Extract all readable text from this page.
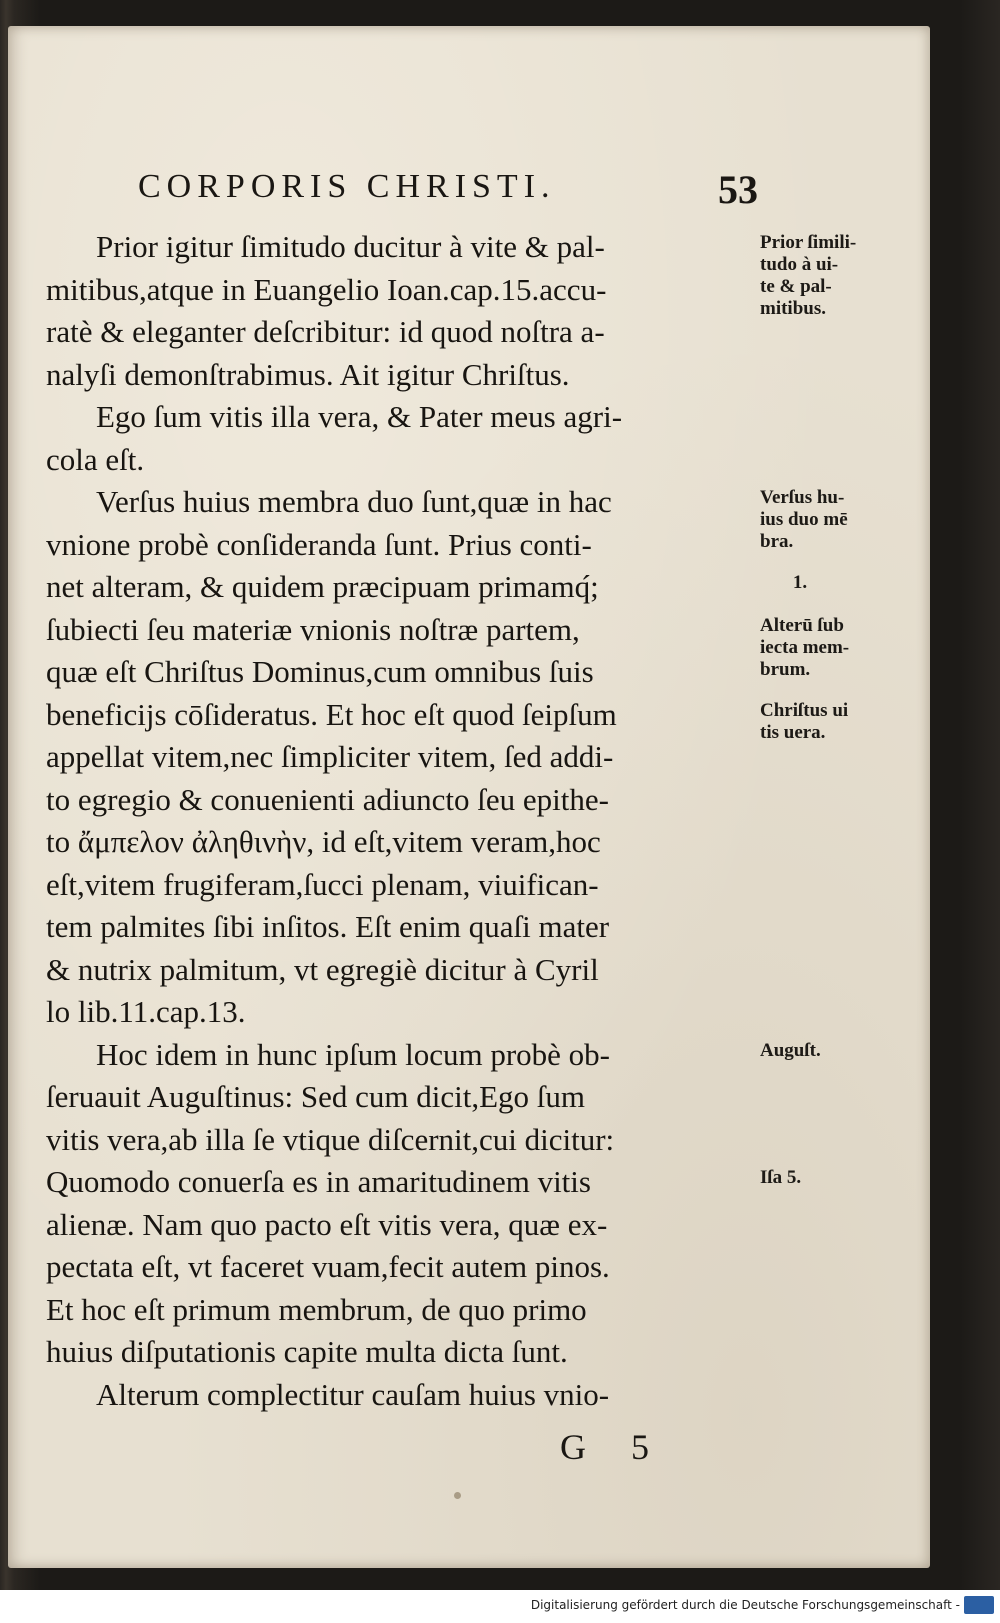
CORPORIS CHRISTI.	53
Prior igitur ſimitudo ducitur à vite & pal-
mitibus,atque in Euangelio Ioan.cap.15.accu-
ratè & eleganter deſcribitur: id quod noſtra a-
nalyſi demonſtrabimus. Ait igitur Chriſtus.
Ego ſum vitis illa vera, & Pater meus agri-
cola eſt.
Verſus huius membra duo ſunt,quæ in hac
vnione probè conſideranda ſunt. Prius conti-
net alteram, & quidem præcipuam primamq́;
ſubiecti ſeu materiæ vnionis noſtræ partem,
quæ eſt Chriſtus Dominus,cum omnibus ſuis
beneficijs cōſideratus. Et hoc eſt quod ſeipſum
appellat vitem,nec ſimpliciter vitem, ſed addi-
to egregio & conuenienti adiuncto ſeu epithe-
to ἄμπελον ἀληθινὴν, id eſt,vitem veram,hoc
eſt,vitem frugiferam,ſucci plenam, viuifican-
tem palmites ſibi inſitos. Eſt enim quaſi mater
& nutrix palmitum, vt egregiè dicitur à Cyril
lo lib.11.cap.13.
Hoc idem in hunc ipſum locum probè ob-
ſeruauit Auguſtinus: Sed cum dicit,Ego ſum
vitis vera,ab illa ſe vtique diſcernit,cui dicitur:
Quomodo conuerſa es in amaritudinem vitis
alienæ. Nam quo pacto eſt vitis vera, quæ ex-
pectata eſt, vt faceret vuam,fecit autem pinos.
Et hoc eſt primum membrum, de quo primo
huius diſputationis capite multa dicta ſunt.
Alterum complectitur cauſam huius vnio-
Prior ſimili-
tudo à ui-
te & pal-
mitibus.
Verſus hu-
ius duo mē
bra.
1.
Alterū ſub
iecta mem-
brum.
Chriſtus ui
tis uera.
Auguſt.
Iſa 5.
G 5
Digitalisierung gefördert durch die Deutsche Forschungsgemeinschaft -
